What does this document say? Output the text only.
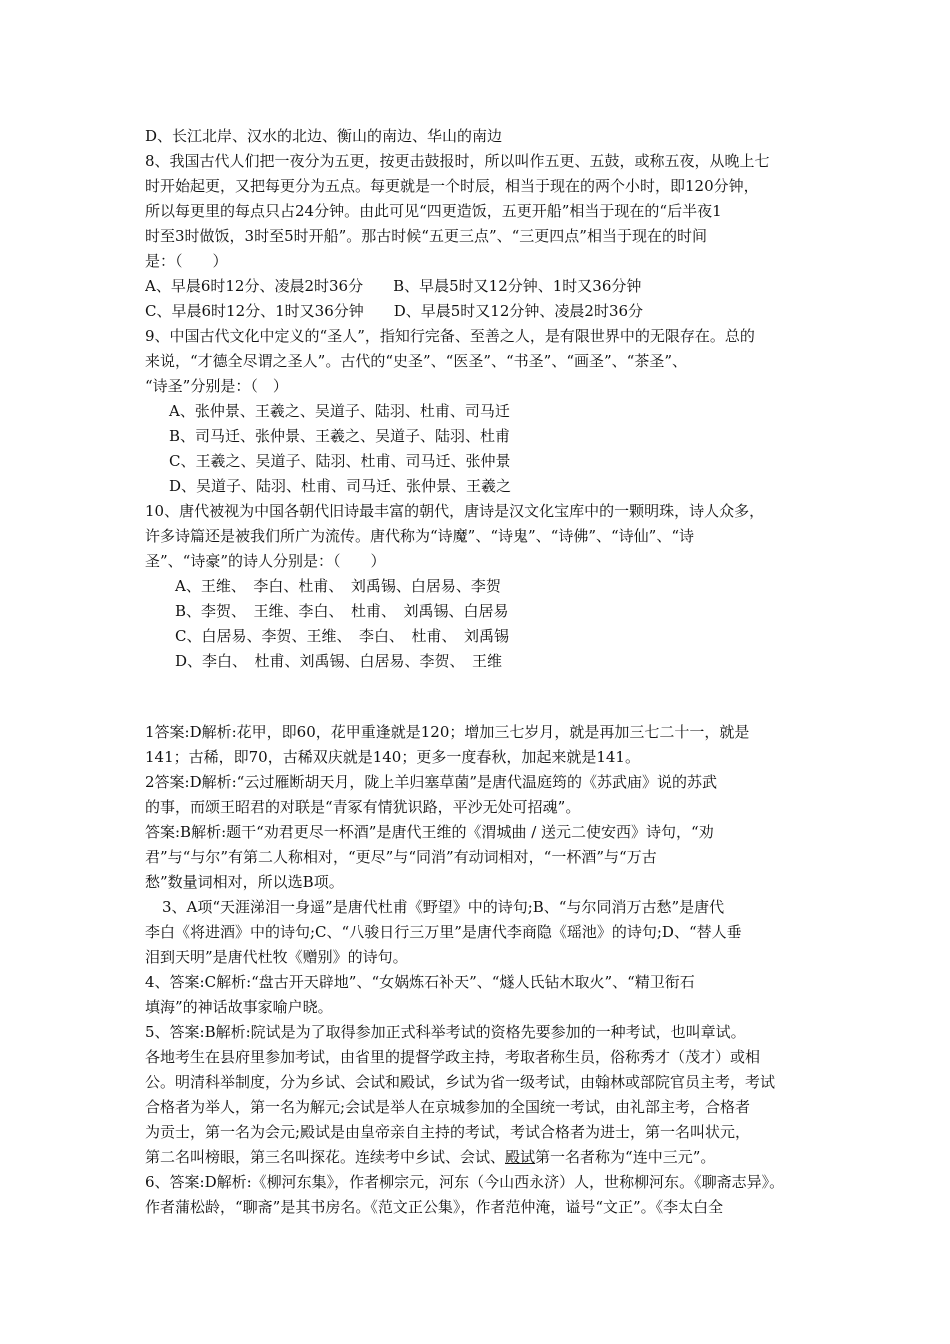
D、长江北岸、汉水的北边、衡山的南边、华山的南边
8、我国古代人们把一夜分为五更，按更击鼓报时，所以叫作五更、五鼓，或称五夜，从晚上七
时开始起更，又把每更分为五点。每更就是一个时辰，相当于现在的两个小时，即120分钟，
所以每更里的每点只占24分钟。由此可见“四更造饭，五更开船”相当于现在的“后半夜1
时至3时做饭，3时至5时开船”。那古时候“五更三点”、“三更四点”相当于现在的时间
是：（　　）
A、早晨6时12分、凌晨2时36分　　B、早晨5时又12分钟、1时又36分钟
C、早晨6时12分、1时又36分钟　　D、早晨5时又12分钟、凌晨2时36分
9、中国古代文化中定义的“圣人”，指知行完备、至善之人，是有限世界中的无限存在。总的
来说，“才德全尽谓之圣人”。古代的“史圣”、“医圣”、“书圣”、“画圣”、“茶圣”、
“诗圣”分别是：（　）
A、张仲景、王羲之、吴道子、陆羽、杜甫、司马迁
B、司马迁、张仲景、王羲之、吴道子、陆羽、杜甫
C、王羲之、吴道子、陆羽、杜甫、司马迁、张仲景
D、吴道子、陆羽、杜甫、司马迁、张仲景、王羲之
10、唐代被视为中国各朝代旧诗最丰富的朝代，唐诗是汉文化宝库中的一颗明珠，诗人众多，
许多诗篇还是被我们所广为流传。唐代称为“诗魔”、“诗鬼”、“诗佛”、“诗仙”、“诗
圣”、“诗豪”的诗人分别是：（　　）
A、王维、　李白、杜甫、　刘禹锡、白居易、李贺
B、李贺、　王维、李白、　杜甫、　刘禹锡、白居易
C、白居易、李贺、王维、　李白、　杜甫、　刘禹锡
D、李白、　杜甫、刘禹锡、白居易、李贺、　王维
1答案:D解析:花甲，即60，花甲重逢就是120；增加三七岁月，就是再加三七二十一，就是
141；古稀，即70，古稀双庆就是140；更多一度春秋，加起来就是141。
2答案:D解析:“云过雁断胡天月，陇上羊归塞草菌”是唐代温庭筠的《苏武庙》说的苏武
的事，而颂王昭君的对联是“青冢有情犹识路，平沙无处可招魂”。
答案:B解析:题干“劝君更尽一杯酒”是唐代王维的《渭城曲 / 送元二使安西》诗句，“劝
君”与“与尔”有第二人称相对，“更尽”与“同消”有动词相对，“一杯酒”与“万古
愁”数量词相对，所以选B项。
3、A项“天涯涕泪一身遥”是唐代杜甫《野望》中的诗句;B、“与尔同消万古愁”是唐代
李白《将进酒》中的诗句;C、“八骏日行三万里”是唐代李商隐《瑶池》的诗句;D、“替人垂
泪到天明”是唐代杜牧《赠别》的诗句。
4、答案:C解析:“盘古开天辟地”、“女娲炼石补天”、“燧人氏钻木取火”、“精卫衔石
填海”的神话故事家喻户晓。
5、答案:B解析:院试是为了取得参加正式科举考试的资格先要参加的一种考试，也叫章试。
各地考生在县府里参加考试，由省里的提督学政主持，考取者称生员，俗称秀才（茂才）或相
公。明清科举制度，分为乡试、会试和殿试，乡试为省一级考试，由翰林或部院官员主考，考试
合格者为举人，第一名为解元;会试是举人在京城参加的全国统一考试，由礼部主考，合格者
为贡士，第一名为会元;殿试是由皇帝亲自主持的考试，考试合格者为进士，第一名叫状元，
第二名叫榜眼，第三名叫探花。连续考中乡试、会试、殿试第一名者称为“连中三元”。
6、答案:D解析:《柳河东集》，作者柳宗元，河东（今山西永济）人，世称柳河东。《聊斋志异》。
作者蒲松龄，“聊斋”是其书房名。《范文正公集》，作者范仲淹，谥号“文正”。《李太白全
